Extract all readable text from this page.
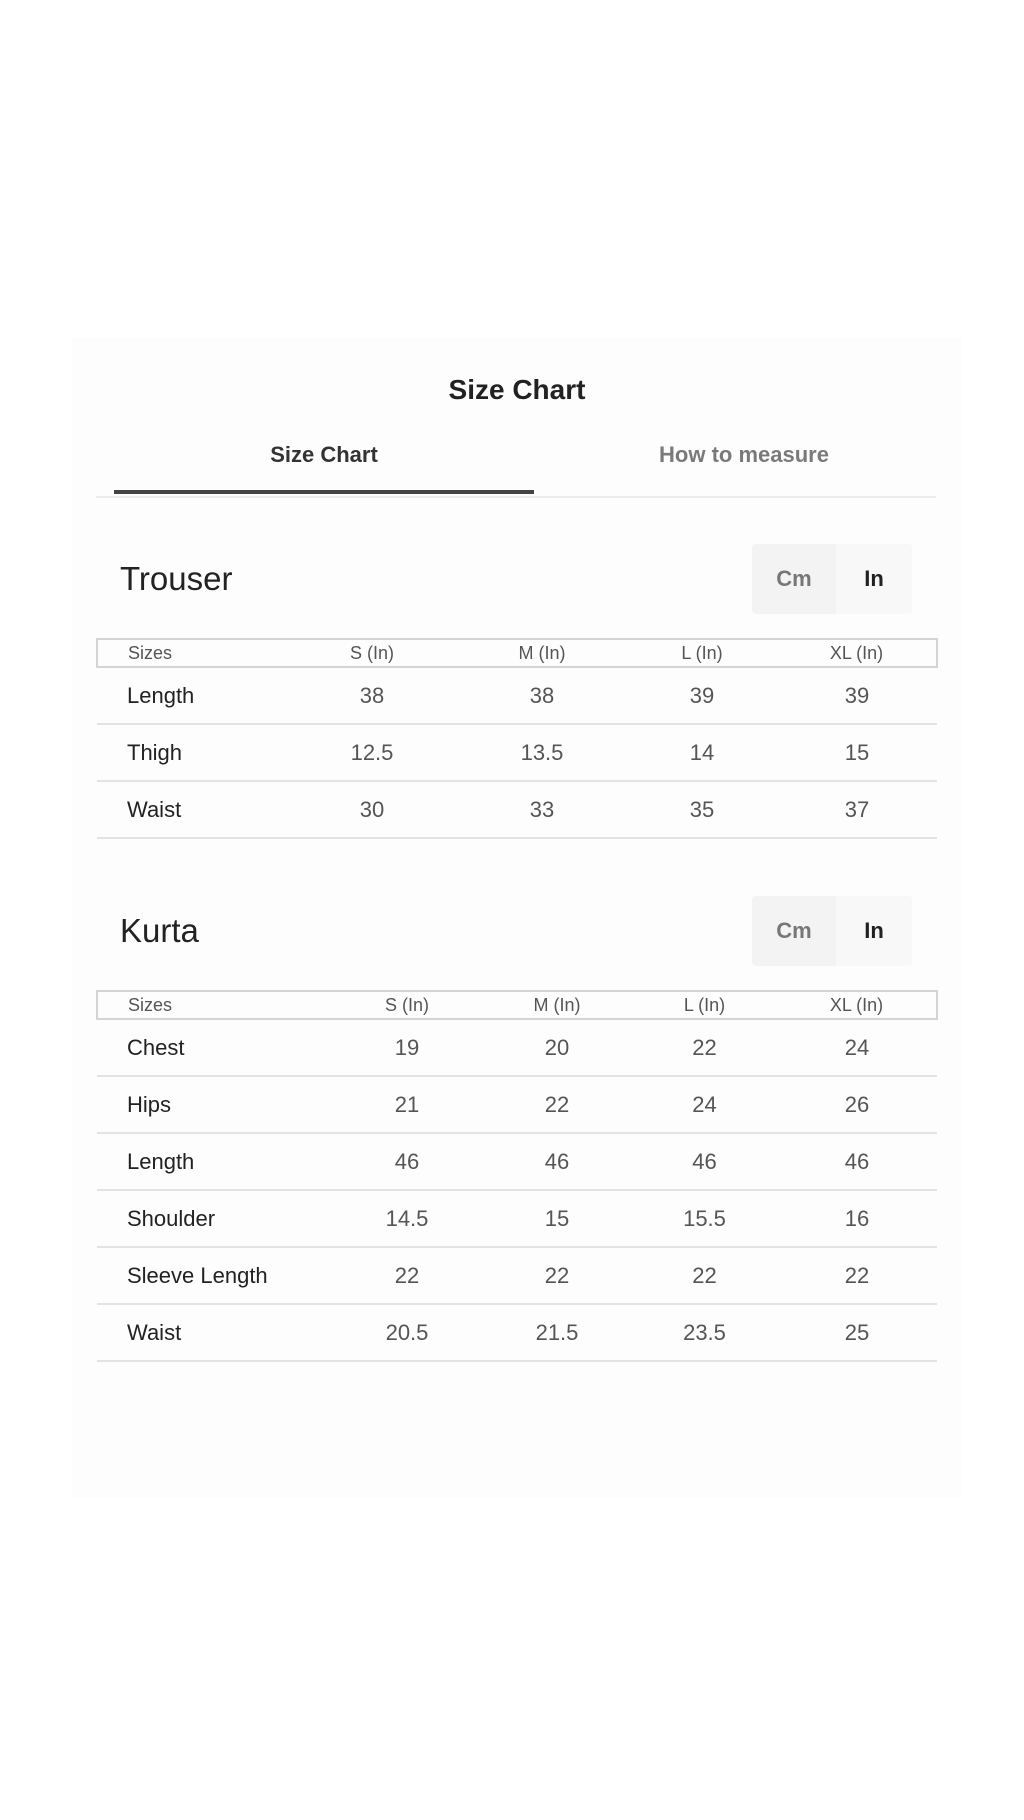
Size Chart
Size Chart	How to measure
Trouser	Cm	In
Sizes	S (In)	M (In)	L (In)	XL (In)
Length	38	38	39	39
Thigh	12.5	13.5	14	15
Waist	30	33	35	37
Kurta	Cm	In
Sizes	S (In)	M (In)	L (In)	XL (In)
Chest	19	20	22	24
Hips	21	22	24	26
Length	46	46	46	46
Shoulder	14.5	15	15.5	16
Sleeve Length	22	22	22	22
Waist	20.5	21.5	23.5	25
